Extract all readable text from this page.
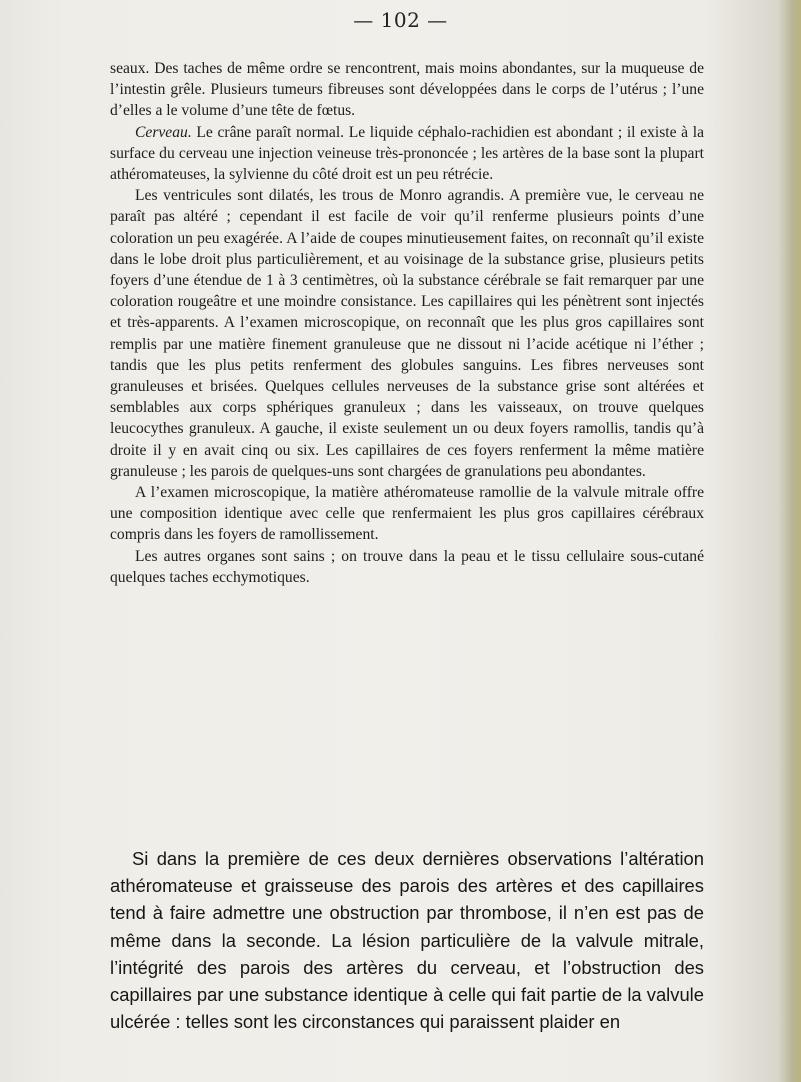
— 102 —

seaux. Des taches de même ordre se rencontrent, mais moins abondantes, sur la muqueuse de l’intestin grêle. Plusieurs tumeurs fibreuses sont développées dans le corps de l’utérus ; l’une d’elles a le volume d’une tête de fœtus.

Cerveau. Le crâne paraît normal. Le liquide céphalo-rachidien est abondant ; il existe à la surface du cerveau une injection veineuse très-prononcée ; les artères de la base sont la plupart athéromateuses, la sylvienne du côté droit est un peu rétrécie.

Les ventricules sont dilatés, les trous de Monro agrandis. A première vue, le cerveau ne paraît pas altéré ; cependant il est facile de voir qu’il renferme plusieurs points d’une coloration un peu exagérée. A l’aide de coupes minutieusement faites, on reconnaît qu’il existe dans le lobe droit plus particulièrement, et au voisinage de la substance grise, plusieurs petits foyers d’une étendue de 1 à 3 centimètres, où la substance cérébrale se fait remarquer par une coloration rougeâtre et une moindre consistance. Les capillaires qui les pénètrent sont injectés et très-apparents. A l’examen microscopique, on reconnaît que les plus gros capillaires sont remplis par une matière finement granuleuse que ne dissout ni l’acide acétique ni l’éther ; tandis que les plus petits renferment des globules sanguins. Les fibres nerveuses sont granuleuses et brisées. Quelques cellules nerveuses de la substance grise sont altérées et semblables aux corps sphériques granuleux ; dans les vaisseaux, on trouve quelques leucocythes granuleux. A gauche, il existe seulement un ou deux foyers ramollis, tandis qu’à droite il y en avait cinq ou six. Les capillaires de ces foyers renferment la même matière granuleuse ; les parois de quelques-uns sont chargées de granulations peu abondantes.

A l’examen microscopique, la matière athéromateuse ramollie de la valvule mitrale offre une composition identique avec celle que renfermaient les plus gros capillaires cérébraux compris dans les foyers de ramollissement.

Les autres organes sont sains ; on trouve dans la peau et le tissu cellulaire sous-cutané quelques taches ecchymotiques.

Si dans la première de ces deux dernières observations l’altération athéromateuse et graisseuse des parois des artères et des capillaires tend à faire admettre une obstruction par thrombose, il n’en est pas de même dans la seconde. La lésion particulière de la valvule mitrale, l’intégrité des parois des artères du cerveau, et l’obstruction des capillaires par une substance identique à celle qui fait partie de la valvule ulcérée : telles sont les circonstances qui paraissent plaider en
